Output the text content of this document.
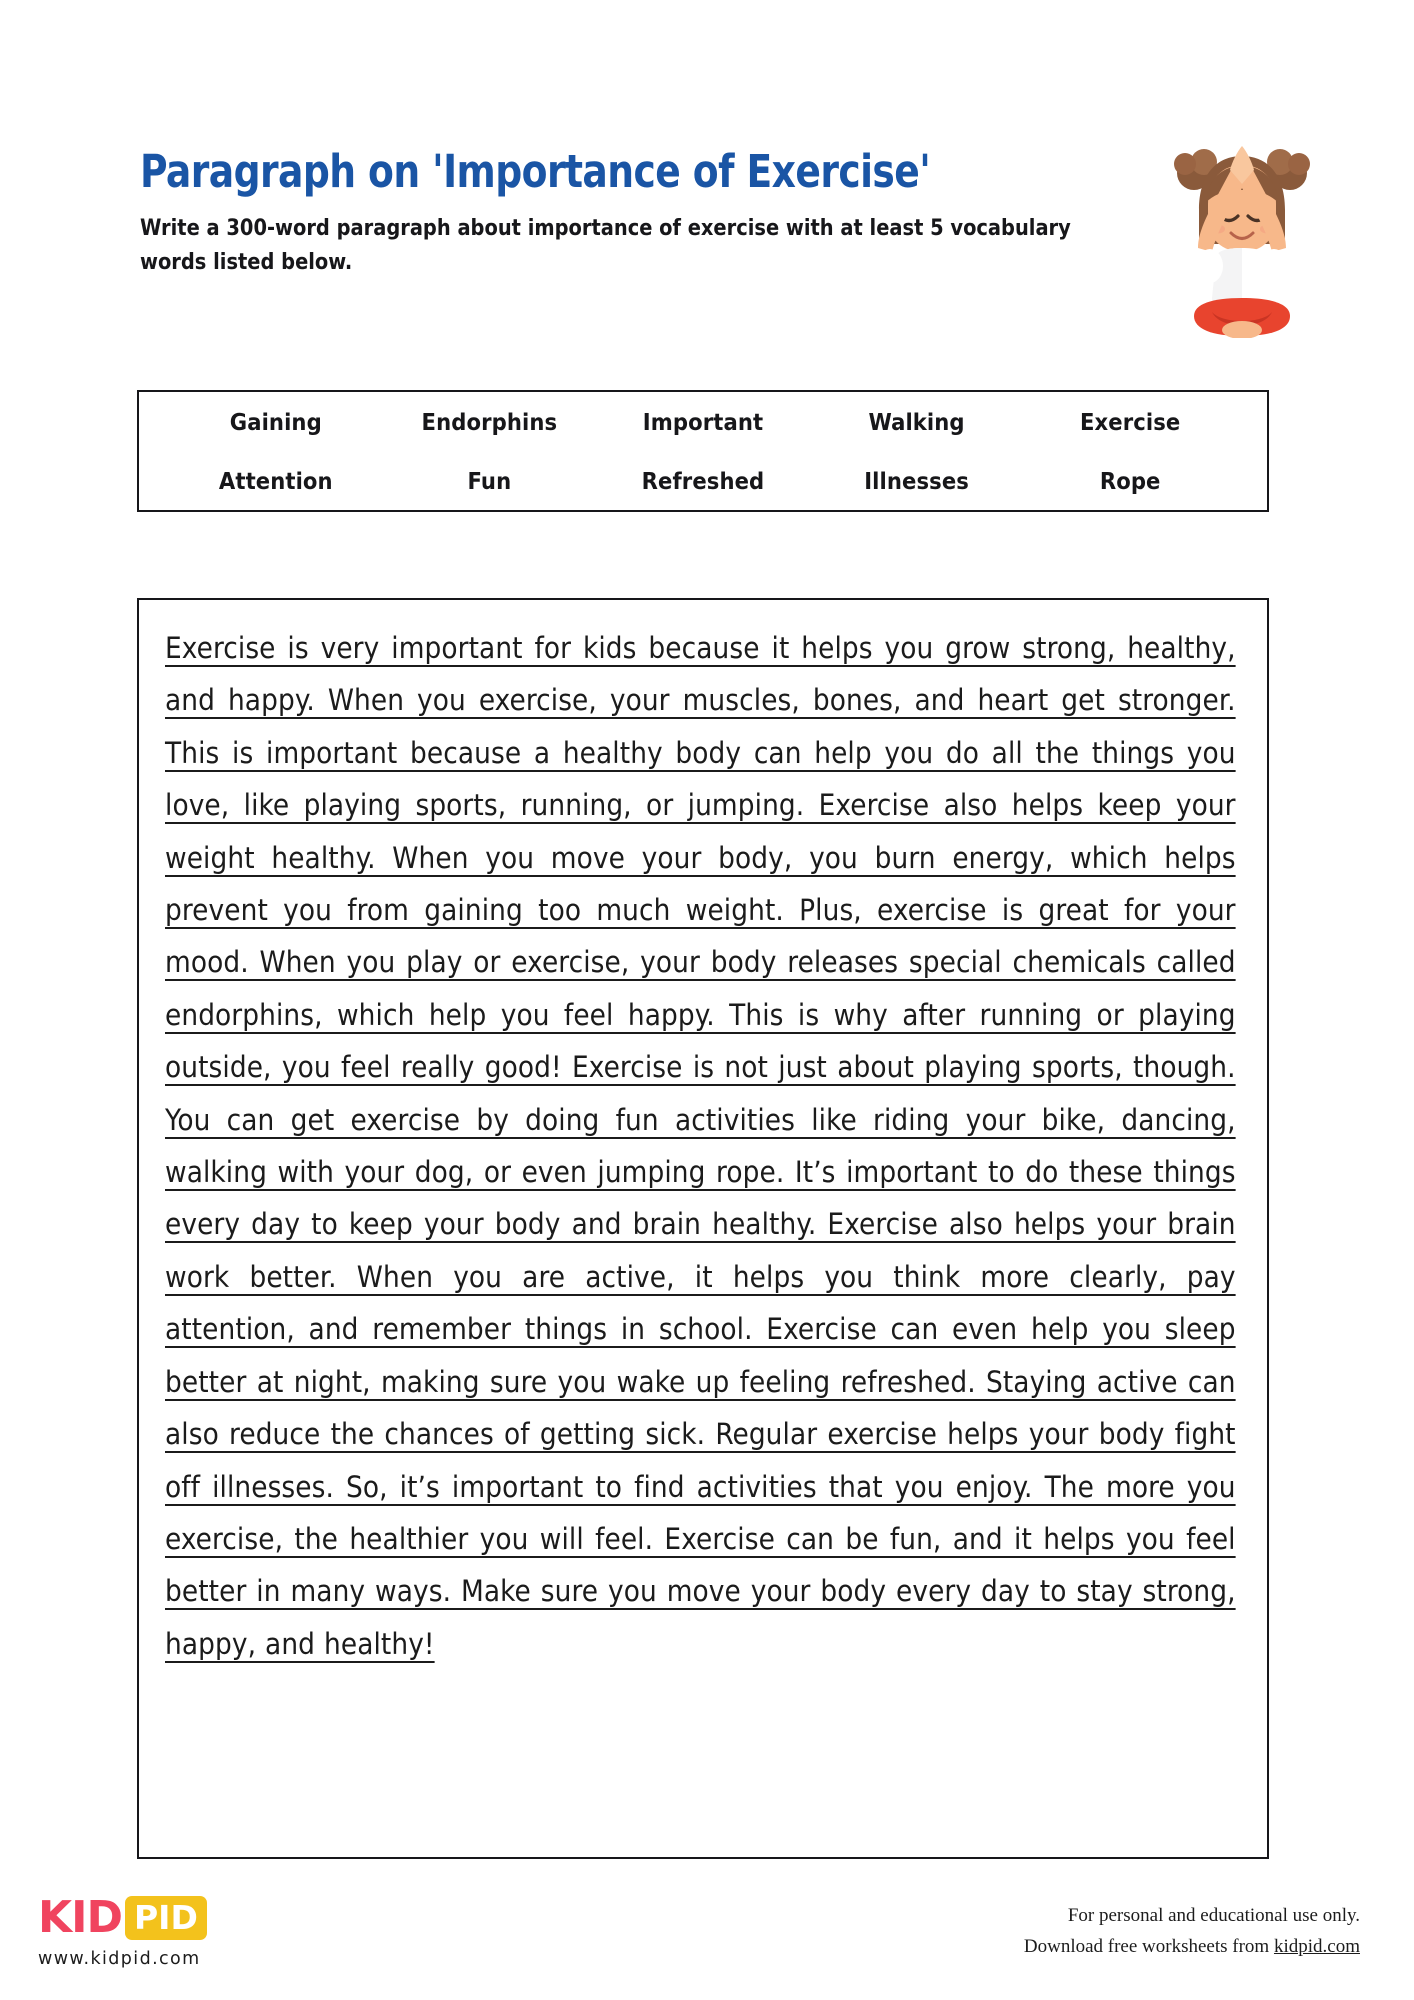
Paragraph on 'Importance of Exercise'

Write a 300-word paragraph about importance of exercise with at least 5 vocabulary words listed below.

Gaining	Endorphins	Important	Walking	Exercise
Attention	Fun	Refreshed	Illnesses	Rope

Exercise is very important for kids because it helps you grow strong, healthy, and happy. When you exercise, your muscles, bones, and heart get stronger. This is important because a healthy body can help you do all the things you love, like playing sports, running, or jumping. Exercise also helps keep your weight healthy. When you move your body, you burn energy, which helps prevent you from gaining too much weight. Plus, exercise is great for your mood. When you play or exercise, your body releases special chemicals called endorphins, which help you feel happy. This is why after running or playing outside, you feel really good! Exercise is not just about playing sports, though. You can get exercise by doing fun activities like riding your bike, dancing, walking with your dog, or even jumping rope. It’s important to do these things every day to keep your body and brain healthy. Exercise also helps your brain work better. When you are active, it helps you think more clearly, pay attention, and remember things in school. Exercise can even help you sleep better at night, making sure you wake up feeling refreshed. Staying active can also reduce the chances of getting sick. Regular exercise helps your body fight off illnesses. So, it’s important to find activities that you enjoy. The more you exercise, the healthier you will feel. Exercise can be fun, and it helps you feel better in many ways. Make sure you move your body every day to stay strong, happy, and healthy!

KID PID
www.kidpid.com
For personal and educational use only.
Download free worksheets from kidpid.com
